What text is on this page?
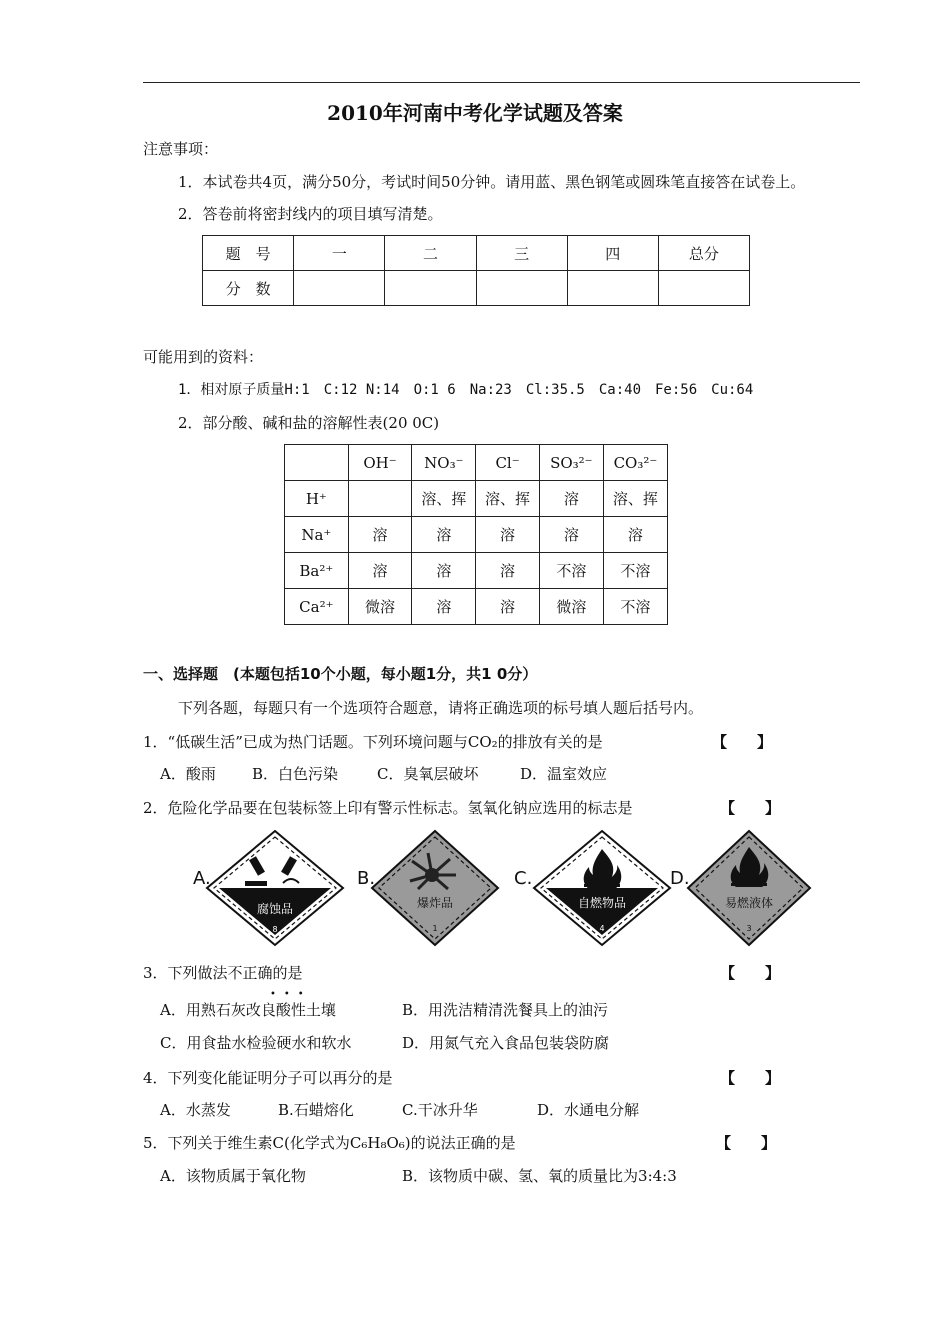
2010年河南中考化学试题及答案
注意事项：
1．本试卷共4页，满分50分，考试时间50分钟。请用蓝、黑色钢笔或圆珠笔直接答在试卷上。
2．答卷前将密封线内的项目填写清楚。
题　号	一	二	三	四	总分
分　数					
可能用到的资料：
1．相对原子质量H:1　C:12 N:14　O:1 6　Na:23　Cl:35.5　Ca:40　Fe:56　Cu:64
2．部分酸、碱和盐的溶解性表(20 0C)
	OH⁻	NO₃⁻	Cl⁻	SO₃²⁻	CO₃²⁻
H⁺		溶、挥	溶、挥	溶	溶、挥
Na⁺	溶	溶	溶	溶	溶
Ba²⁺	溶	溶	溶	不溶	不溶
Ca²⁺	微溶	溶	溶	微溶	不溶
一、选择题　(本题包括10个小题，每小题1分，共1 0分）
下列各题，每题只有一个选项符合题意，请将正确选项的标号填人题后括号内。
1．“低碳生活”已成为热门话题。下列环境问题与CO₂的排放有关的是	【　　】
A．酸雨 B．白色污染	C．臭氧层破坏	D．温室效应
2．危险化学品要在包装标签上印有警示性标志。氢氧化钠应选用的标志是	【　　】
A.
腐蚀品
8
B.
爆炸品
1
C.
自燃物品
4
D.
易燃液体
3
3．下列做法不正确的是
•••
【　　】
A．用熟石灰改良酸性土壤	B．用洗洁精清洗餐具上的油污
C．用食盐水检验硬水和软水	D．用氮气充入食品包装袋防腐
4．下列变化能证明分子可以再分的是	【　　】
A．水蒸发	B.石蜡熔化	C.干冰升华	D．水通电分解
5．下列关于维生素C(化学式为C₆H₈O₆)的说法正确的是	【　　】
A．该物质属于氧化物	B．该物质中碳、氢、氧的质量比为3:4:3
